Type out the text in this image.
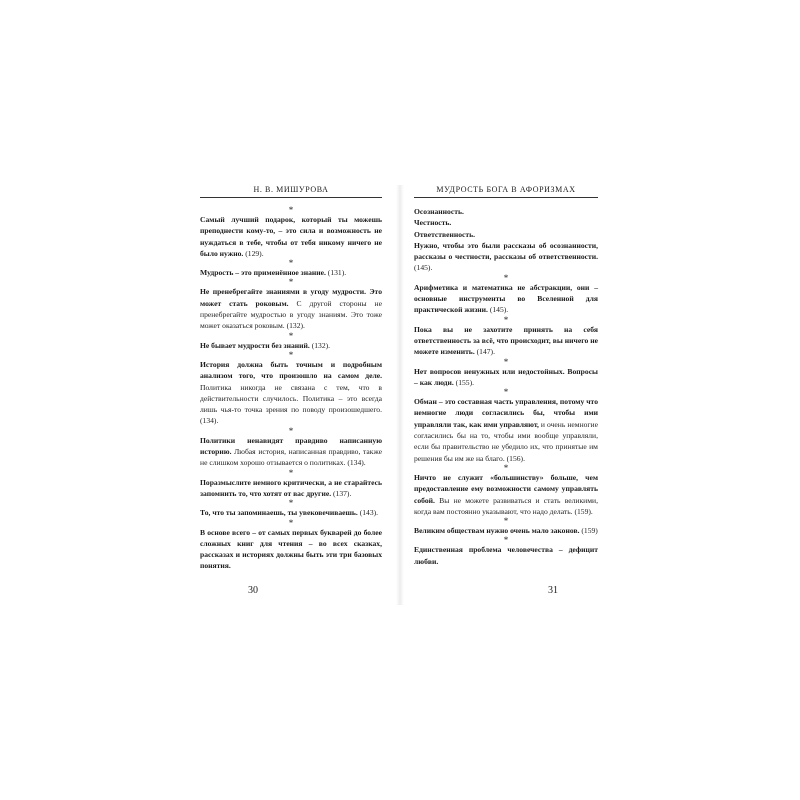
Н. В. МИШУРОВА
*

Самый лучший подарок, который ты можешь преподнести кому-то, – это сила и возможность не нуждаться в тебе, чтобы от тебя никому ничего не было нужно. (129).

*

Мудрость – это применённое знание. (131).

*

Не пренебрегайте знаниями в угоду мудрости. Это может стать роковым. С другой стороны не пренебрегайте мудростью в угоду знаниям. Это тоже может оказаться роковым. (132).

*

Не бывает мудрости без знаний. (132).

*

История должна быть точным и подробным анализом того, что произошло на самом деле. Политика никогда не связана с тем, что в действительности случилось. Политика – это всегда лишь чья-то точка зрения по поводу произошедшего. (134).

*

Политики ненавидят правдиво написанную историю. Любая история, написанная правдиво, также не слишком хорошо отзывается о политиках. (134).

*

Поразмыслите немного критически, а не старайтесь запомнить то, что хотят от вас другие. (137).

*

То, что ты запоминаешь, ты увековечиваешь. (143).

*

В основе всего – от самых первых букварей до более сложных книг для чтения – во всех сказках, рассказах и историях должны быть эти три базовых понятия.

30
МУДРОСТЬ БОГА В АФОРИЗМАХ

Осознанность.

Честность.

Ответственность.

Нужно, чтобы это были рассказы об осознанности, рассказы о честности, рассказы об ответственности. (145).

*

Арифметика и математика не абстракции, они – основные инструменты во Вселенной для практической жизни. (145).

*

Пока вы не захотите принять на себя ответственность за всё, что происходит, вы ничего не можете изменить. (147).

*

Нет вопросов ненужных или недостойных. Вопросы – как люди. (155).

*

Обман – это составная часть управления, потому что немногие люди согласились бы, чтобы ими управляли так, как ими управляют, и очень немногие согласились бы на то, чтобы ими вообще управляли, если бы правительство не убедило их, что принятые им решения бы им же на благо. (156).

*

Ничто не служит «большинству» больше, чем предоставление ему возможности самому управлять собой. Вы не можете развиваться и стать великими, когда вам постоянно указывают, что надо делать. (159).

*

Великим обществам нужно очень мало законов. (159)

*

Единственная проблема человечества – дефицит любви.

31
